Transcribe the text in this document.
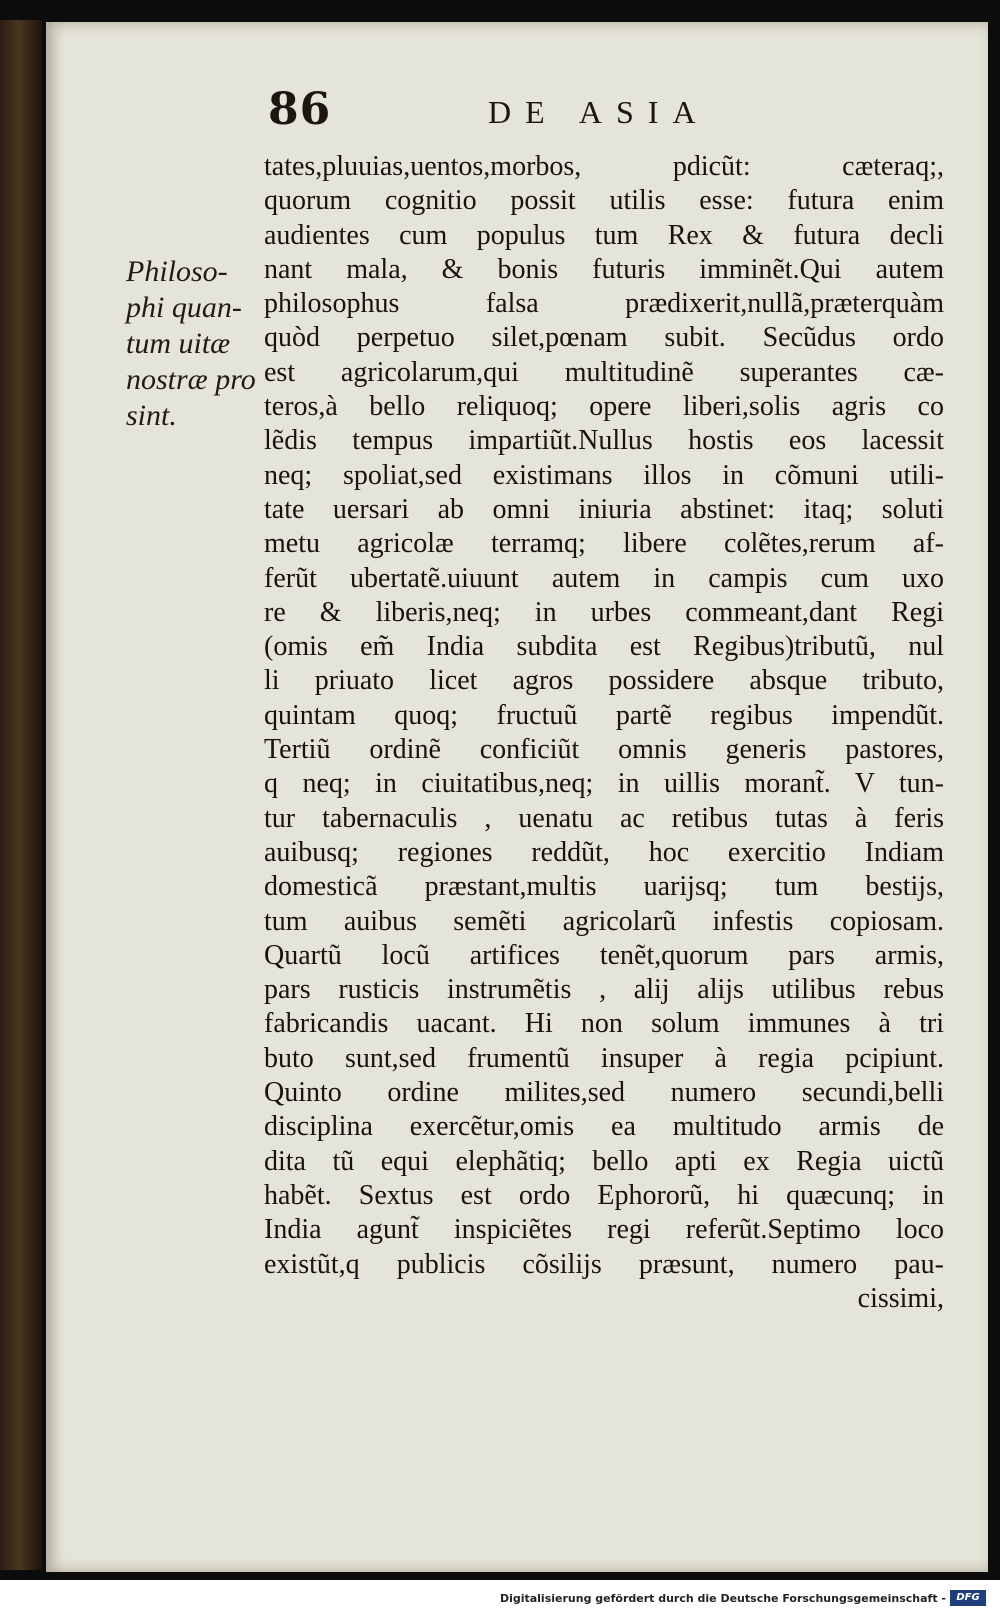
86	DE ASIA
Philoso-
phi quan-
tum uitæ
nostræ pro
sint.
tates,pluuias,uentos,morbos, pdicũt: cæteraq;,
quorum cognitio possit utilis esse: futura enim
audientes cum populus tum Rex & futura decli
nant mala, & bonis futuris imminẽt.Qui autem
philosophus falsa prædixerit,nullã,præterquàm
quòd perpetuo silet,pœnam subit. Secũdus ordo
est agricolarum,qui multitudinẽ superantes cæ-
teros,à bello reliquoq; opere liberi,solis agris co
lẽdis tempus impartiũt.Nullus hostis eos lacessit
neq; spoliat,sed existimans illos in cõmuni utili-
tate uersari ab omni iniuria abstinet: itaq; soluti
metu agricolæ terramq; libere colẽtes,rerum af-
ferũt ubertatẽ.uiuunt autem in campis cum uxo
re & liberis,neq; in urbes commeant,dant Regi
(omis em̃ India subdita est Regibus)tributũ, nul
li priuato licet agros possidere absque tributo,
quintam quoq; fructuũ partẽ regibus impendũt.
Tertiũ ordinẽ conficiũt omnis generis pastores,
q neq; in ciuitatibus,neq; in uillis morant̃. V tun-
tur tabernaculis , uenatu ac retibus tutas à feris
auibusq; regiones reddũt, hoc exercitio Indiam
domesticã præstant,multis uarijsq; tum bestijs,
tum auibus semẽti agricolarũ infestis copiosam.
Quartũ locũ artifices tenẽt,quorum pars armis,
pars rusticis instrumẽtis , alij alijs utilibus rebus
fabricandis uacant. Hi non solum immunes à tri
buto sunt,sed frumentũ insuper à regia pcipiunt.
Quinto ordine milites,sed numero secundi,belli
disciplina exercẽtur,omis ea multitudo armis de
dita tũ equi elephãtiq; bello apti ex Regia uictũ
habẽt. Sextus est ordo Ephororũ, hi quæcunq; in
India agunt̃ inspiciẽtes regi referũt.Septimo loco
existũt,q publicis cõsilijs præsunt, numero pau-
cissimi,
Digitalisierung gefördert durch die Deutsche Forschungsgemeinschaft -	DFG
